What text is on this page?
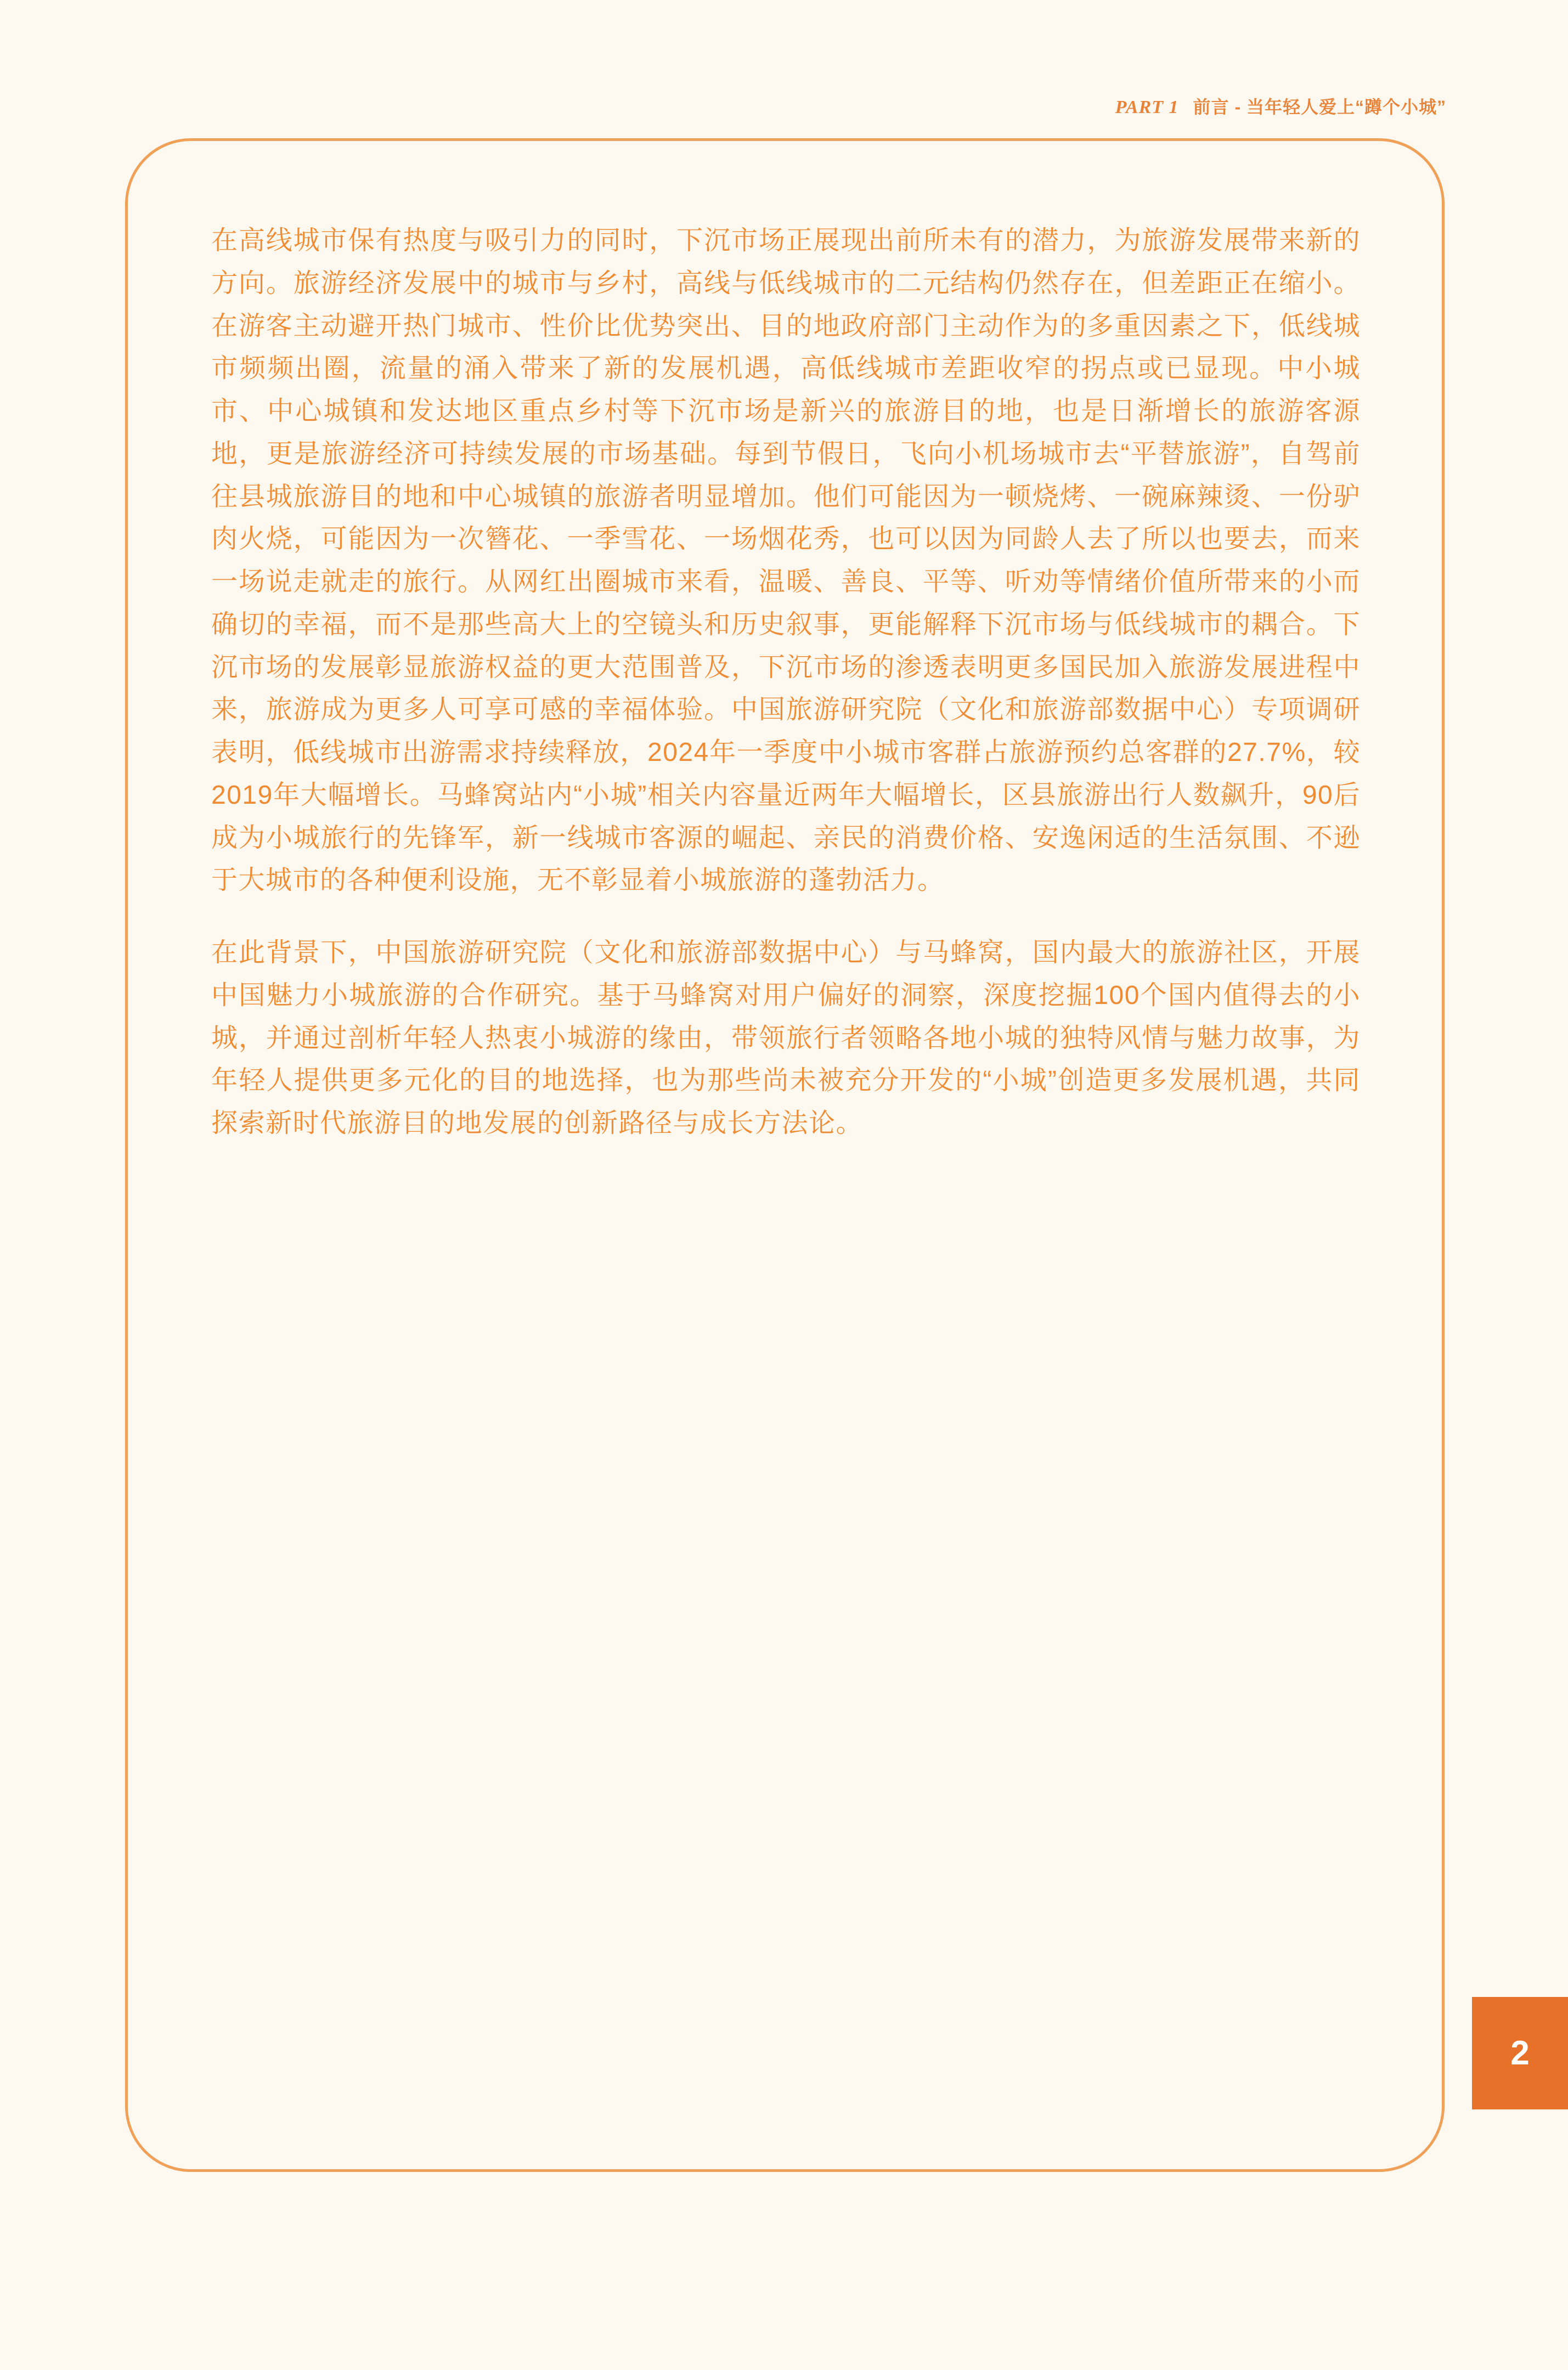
PART 1 前言 - 当年轻人爱上“蹲个小城”

在高线城市保有热度与吸引力的同时，下沉市场正展现出前所未有的潜力，为旅游发展带来新的方向。旅游经济发展中的城市与乡村，高线与低线城市的二元结构仍然存在，但差距正在缩小。在游客主动避开热门城市、性价比优势突出、目的地政府部门主动作为的多重因素之下，低线城市频频出圈，流量的涌入带来了新的发展机遇，高低线城市差距收窄的拐点或已显现。中小城市、中心城镇和发达地区重点乡村等下沉市场是新兴的旅游目的地，也是日渐增长的旅游客源地，更是旅游经济可持续发展的市场基础。每到节假日，飞向小机场城市去“平替旅游”，自驾前往县城旅游目的地和中心城镇的旅游者明显增加。他们可能因为一顿烧烤、一碗麻辣烫、一份驴肉火烧，可能因为一次簪花、一季雪花、一场烟花秀，也可以因为同龄人去了所以也要去，而来一场说走就走的旅行。从网红出圈城市来看，温暖、善良、平等、听劝等情绪价值所带来的小而确切的幸福，而不是那些高大上的空镜头和历史叙事，更能解释下沉市场与低线城市的耦合。下沉市场的发展彰显旅游权益的更大范围普及，下沉市场的渗透表明更多国民加入旅游发展进程中来，旅游成为更多人可享可感的幸福体验。中国旅游研究院（文化和旅游部数据中心）专项调研表明，低线城市出游需求持续释放，2024年一季度中小城市客群占旅游预约总客群的27.7%，较2019年大幅增长。马蜂窝站内“小城”相关内容量近两年大幅增长，区县旅游出行人数飙升，90后成为小城旅行的先锋军，新一线城市客源的崛起、亲民的消费价格、安逸闲适的生活氛围、不逊于大城市的各种便利设施，无不彰显着小城旅游的蓬勃活力。

在此背景下，中国旅游研究院（文化和旅游部数据中心）与马蜂窝，国内最大的旅游社区，开展中国魅力小城旅游的合作研究。基于马蜂窝对用户偏好的洞察，深度挖掘100个国内值得去的小城，并通过剖析年轻人热衷小城游的缘由，带领旅行者领略各地小城的独特风情与魅力故事，为年轻人提供更多元化的目的地选择，也为那些尚未被充分开发的“小城”创造更多发展机遇，共同探索新时代旅游目的地发展的创新路径与成长方法论。

2
